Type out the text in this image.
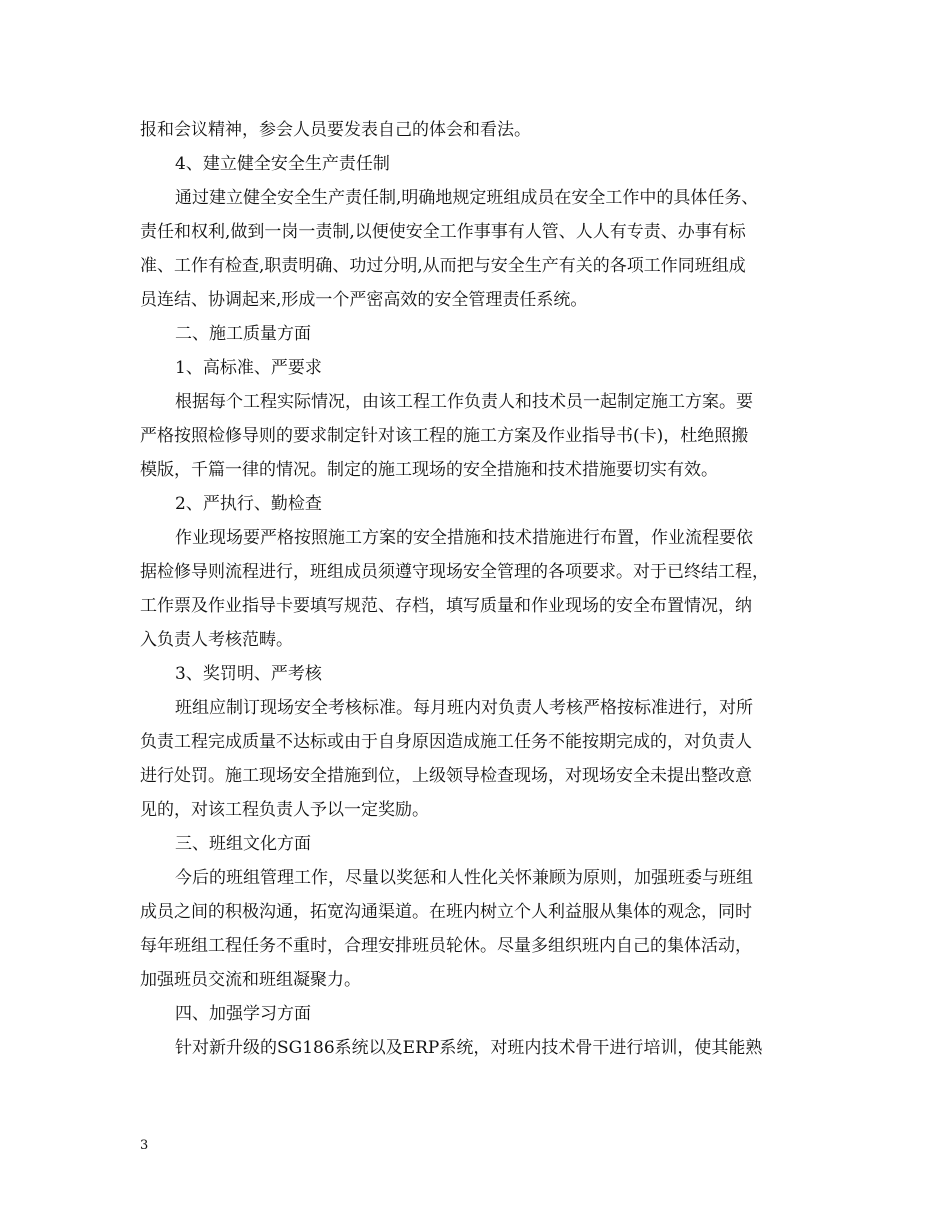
报和会议精神，参会人员要发表自己的体会和看法。
4、建立健全安全生产责任制
通过建立健全安全生产责任制,明确地规定班组成员在安全工作中的具体任务、
责任和权利,做到一岗一责制,以便使安全工作事事有人管、人人有专责、办事有标
准、工作有检查,职责明确、功过分明,从而把与安全生产有关的各项工作同班组成
员连结、协调起来,形成一个严密高效的安全管理责任系统。
二、施工质量方面
1、高标准、严要求
根据每个工程实际情况，由该工程工作负责人和技术员一起制定施工方案。要
严格按照检修导则的要求制定针对该工程的施工方案及作业指导书(卡)，杜绝照搬
模版，千篇一律的情况。制定的施工现场的安全措施和技术措施要切实有效。
2、严执行、勤检查
作业现场要严格按照施工方案的安全措施和技术措施进行布置，作业流程要依
据检修导则流程进行，班组成员须遵守现场安全管理的各项要求。对于已终结工程，
工作票及作业指导卡要填写规范、存档，填写质量和作业现场的安全布置情况，纳
入负责人考核范畴。
3、奖罚明、严考核
班组应制订现场安全考核标准。每月班内对负责人考核严格按标准进行，对所
负责工程完成质量不达标或由于自身原因造成施工任务不能按期完成的，对负责人
进行处罚。施工现场安全措施到位，上级领导检查现场，对现场安全未提出整改意
见的，对该工程负责人予以一定奖励。
三、班组文化方面
今后的班组管理工作，尽量以奖惩和人性化关怀兼顾为原则，加强班委与班组
成员之间的积极沟通，拓宽沟通渠道。在班内树立个人利益服从集体的观念，同时
每年班组工程任务不重时，合理安排班员轮休。尽量多组织班内自己的集体活动，
加强班员交流和班组凝聚力。
四、加强学习方面
针对新升级的SG186系统以及ERP系统，对班内技术骨干进行培训，使其能熟
3
